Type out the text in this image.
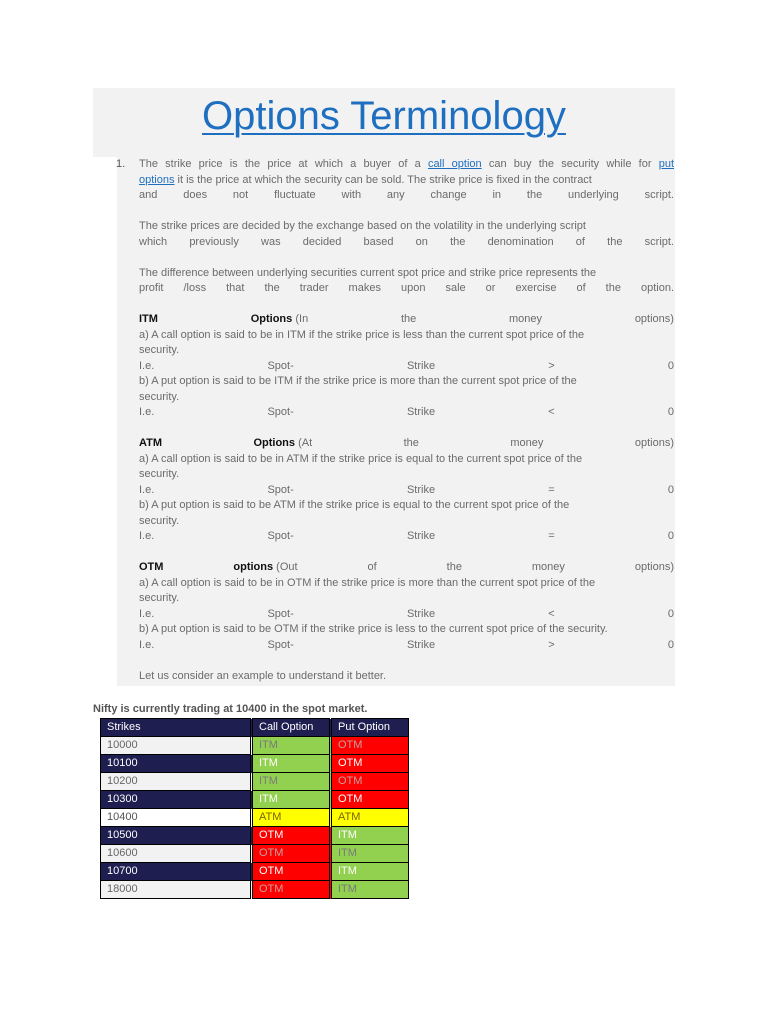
Options Terminology
1. The strike price is the price at which a buyer of a call option can buy the security while for put

options it is the price at which the security can be sold. The strike price is fixed in the contract

and does not fluctuate with any change in the underlying script.

The strike prices are decided by the exchange based on the volatility in the underlying script

which previously was decided based on the denomination of the script.

The difference between underlying securities current spot price and strike price represents the

profit /loss that the trader makes upon sale or exercise of the option.

ITM	Options (In	the	money	options)

a) A call option is said to be in ITM if the strike price is less than the current spot price of the

security.

I.e.	Spot-	Strike	>	0

b) A put option is said to be ITM if the strike price is more than the current spot price of the

security.

I.e.	Spot-	Strike	<	0
ATM	Options (At	the	money	options)

a) A call option is said to be in ATM if the strike price is equal to the current spot price of the

security.

I.e.	Spot-	Strike	=	0

b) A put option is said to be ATM if the strike price is equal to the current spot price of the

security.

I.e.	Spot-	Strike	=	0
OTM	options (Out	of	the	money	options)

a) A call option is said to be in OTM if the strike price is more than the current spot price of the

security.

I.e.	Spot-	Strike	<	0

b) A put option is said to be OTM if the strike price is less to the current spot price of the security.

I.e.	Spot-	Strike	>	0

Let us consider an example to understand it better.

Nifty is currently trading at 10400 in the spot market.
Strikes	Call Option	Put Option
10000	ITM	OTM
10100	ITM	OTM
10200	ITM	OTM
10300	ITM	OTM
10400	ATM	ATM
10500	OTM	ITM
10600	OTM	ITM
10700	OTM	ITM
18000	OTM	ITM
